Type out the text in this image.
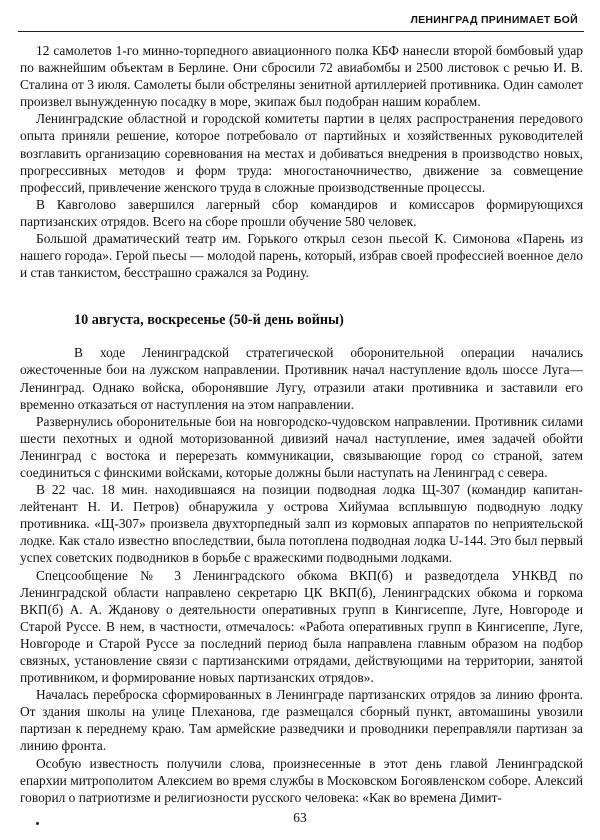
ЛЕНИНГРАД ПРИНИМАЕТ БОЙ

12 самолетов 1-го минно-торпедного авиационного полка КБФ нанесли второй бомбовый удар по важнейшим объектам в Берлине. Они сбросили 72 авиабомбы и 2500 листовок с речью И. В. Сталина от 3 июля. Самолеты были обстреляны зенитной артиллерией противника. Один самолет произвел вынужденную посадку в море, экипаж был подобран нашим кораблем.

Ленинградские областной и городской комитеты партии в целях распространения передового опыта приняли решение, которое потребовало от партийных и хозяйственных руководителей возглавить организацию соревнования на местах и добиваться внедрения в производство новых, прогрессивных методов и форм труда: многостаночничество, движение за совмещение профессий, привлечение женского труда в сложные производственные процессы.

В Кавголово завершился лагерный сбор командиров и комиссаров формирующихся партизанских отрядов. Всего на сборе прошли обучение 580 человек.

Большой драматический театр им. Горького открыл сезон пьесой К. Симонова «Парень из нашего города». Герой пьесы — молодой парень, который, избрав своей профессией военное дело и став танкистом, бесстрашно сражался за Родину.

10 августа, воскресенье (50-й день войны)

В ходе Ленинградской стратегической оборонительной операции начались ожесточенные бои на лужском направлении. Противник начал наступление вдоль шоссе Луга—Ленинград. Однако войска, оборонявшие Лугу, отразили атаки противника и заставили его временно отказаться от наступления на этом направлении.

Развернулись оборонительные бои на новгородско-чудовском направлении. Противник силами шести пехотных и одной моторизованной дивизий начал наступление, имея задачей обойти Ленинград с востока и перерезать коммуникации, связывающие город со страной, затем соединиться с финскими войсками, которые должны были наступать на Ленинград с севера.

В 22 час. 18 мин. находившаяся на позиции подводная лодка Щ-307 (командир капитан-лейтенант Н. И. Петров) обнаружила у острова Хийумаа всплывшую подводную лодку противника. «Щ-307» произвела двухторпедный залп из кормовых аппаратов по неприятельской лодке. Как стало известно впоследствии, была потоплена подводная лодка U-144. Это был первый успех советских подводников в борьбе с вражескими подводными лодками.

Спецсообщение № 3 Ленинградского обкома ВКП(б) и разведотдела УНКВД по Ленинградской области направлено секретарю ЦК ВКП(б), Ленинградских обкома и горкома ВКП(б) А. А. Жданову о деятельности оперативных групп в Кингисеппе, Луге, Новгороде и Старой Руссе. В нем, в частности, отмечалось: «Работа оперативных групп в Кингисеппе, Луге, Новгороде и Старой Руссе за последний период была направлена главным образом на подбор связных, установление связи с партизанскими отрядами, действующими на территории, занятой противником, и формирование новых партизанских отрядов».

Началась переброска сформированных в Ленинграде партизанских отрядов за линию фронта. От здания школы на улице Плеханова, где размещался сборный пункт, автомашины увозили партизан к переднему краю. Там армейские разведчики и проводники переправляли партизан за линию фронта.

Особую известность получили слова, произнесенные в этот день главой Ленинградской епархии митрополитом Алексием во время службы в Московском Богоявленском соборе. Алексий говорил о патриотизме и религиозности русского человека: «Как во времена Димит-

63
